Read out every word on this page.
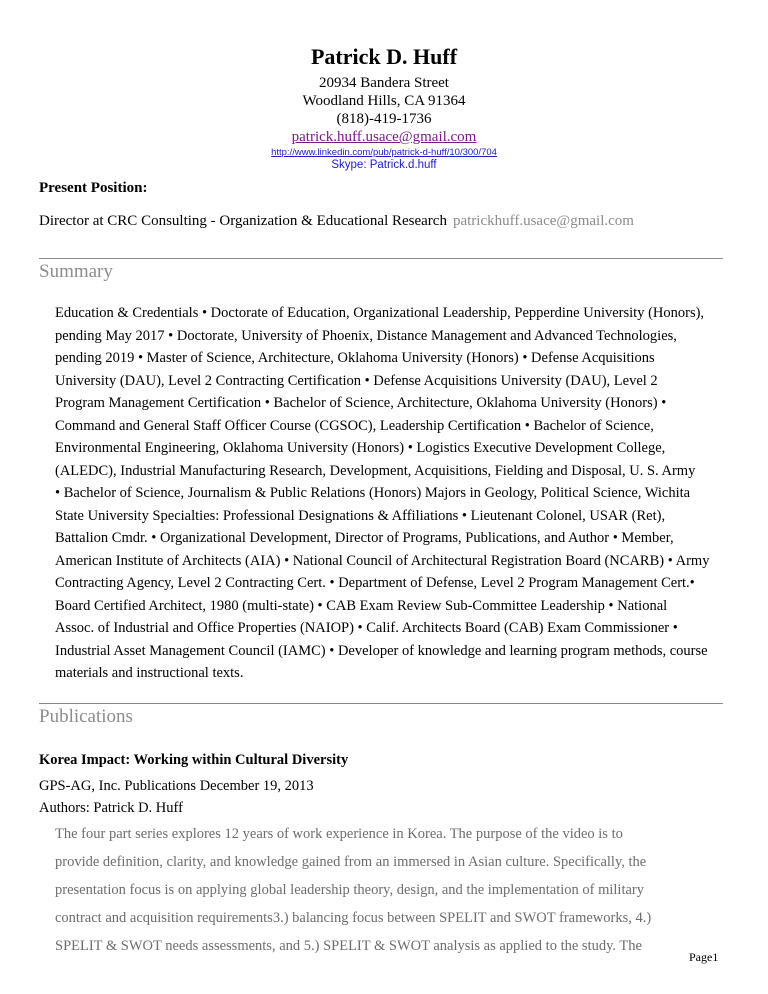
Patrick D. Huff
20934 Bandera Street
Woodland Hills, CA 91364
(818)-419-1736
patrick.huff.usace@gmail.com
http://www.linkedin.com/pub/patrick-d-huff/10/300/704
Skype: Patrick.d.huff
Present Position:
Director at CRC Consulting - Organization & Educational Research patrickhuff.usace@gmail.com
Summary
Education & Credentials • Doctorate of Education, Organizational Leadership, Pepperdine University (Honors),
pending May 2017 • Doctorate, University of Phoenix, Distance Management and Advanced Technologies,
pending 2019 • Master of Science, Architecture, Oklahoma University (Honors) • Defense Acquisitions
University (DAU), Level 2 Contracting Certification • Defense Acquisitions University (DAU), Level 2
Program Management Certification • Bachelor of Science, Architecture, Oklahoma University (Honors) •
Command and General Staff Officer Course (CGSOC), Leadership Certification • Bachelor of Science,
Environmental Engineering, Oklahoma University (Honors) • Logistics Executive Development College,
(ALEDC), Industrial Manufacturing Research, Development, Acquisitions, Fielding and Disposal, U. S. Army
• Bachelor of Science, Journalism & Public Relations (Honors) Majors in Geology, Political Science, Wichita
State University Specialties: Professional Designations & Affiliations • Lieutenant Colonel, USAR (Ret),
Battalion Cmdr. • Organizational Development, Director of Programs, Publications, and Author • Member,
American Institute of Architects (AIA) • National Council of Architectural Registration Board (NCARB) • Army
Contracting Agency, Level 2 Contracting Cert. • Department of Defense, Level 2 Program Management Cert.•
Board Certified Architect, 1980 (multi-state) • CAB Exam Review Sub-Committee Leadership • National
Assoc. of Industrial and Office Properties (NAIOP) • Calif. Architects Board (CAB) Exam Commissioner •
Industrial Asset Management Council (IAMC) • Developer of knowledge and learning program methods, course
materials and instructional texts.
Publications
Korea Impact: Working within Cultural Diversity
GPS-AG, Inc. Publications December 19, 2013
Authors: Patrick D. Huff
The four part series explores 12 years of work experience in Korea. The purpose of the video is to
provide definition, clarity, and knowledge gained from an immersed in Asian culture. Specifically, the
presentation focus is on applying global leadership theory, design, and the implementation of military
contract and acquisition requirements3.) balancing focus between SPELIT and SWOT frameworks, 4.)
SPELIT & SWOT needs assessments, and 5.) SPELIT & SWOT analysis as applied to the study. The
Page1
